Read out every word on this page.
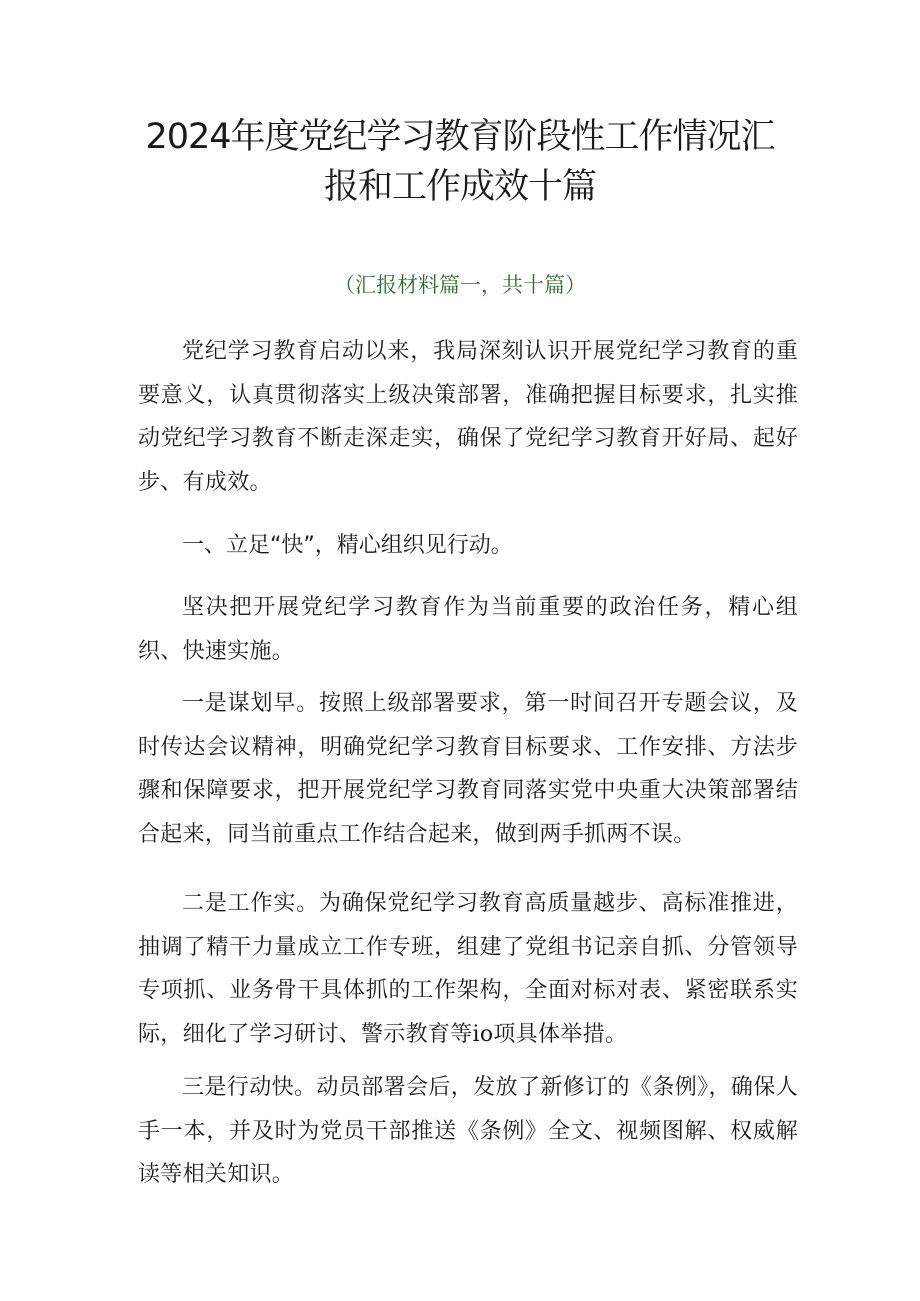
2024年度党纪学习教育阶段性工作情况汇
报和工作成效十篇

（汇报材料篇一，共十篇）

党纪学习教育启动以来，我局深刻认识开展党纪学习教育的重要意义，认真贯彻落实上级决策部署，准确把握目标要求，扎实推动党纪学习教育不断走深走实，确保了党纪学习教育开好局、起好步、有成效。

一、立足“快”，精心组织见行动。

坚决把开展党纪学习教育作为当前重要的政治任务，精心组织、快速实施。

一是谋划早。按照上级部署要求，第一时间召开专题会议，及时传达会议精神，明确党纪学习教育目标要求、工作安排、方法步骤和保障要求，把开展党纪学习教育同落实党中央重大决策部署结合起来，同当前重点工作结合起来，做到两手抓两不误。

二是工作实。为确保党纪学习教育高质量越步、高标准推进，抽调了精干力量成立工作专班，组建了党组书记亲自抓、分管领导专项抓、业务骨干具体抓的工作架构，全面对标对表、紧密联系实际，细化了学习研讨、警示教育等io项具体举措。

三是行动快。动员部署会后，发放了新修订的《条例》，确保人手一本，并及时为党员干部推送《条例》全文、视频图解、权威解读等相关知识。
